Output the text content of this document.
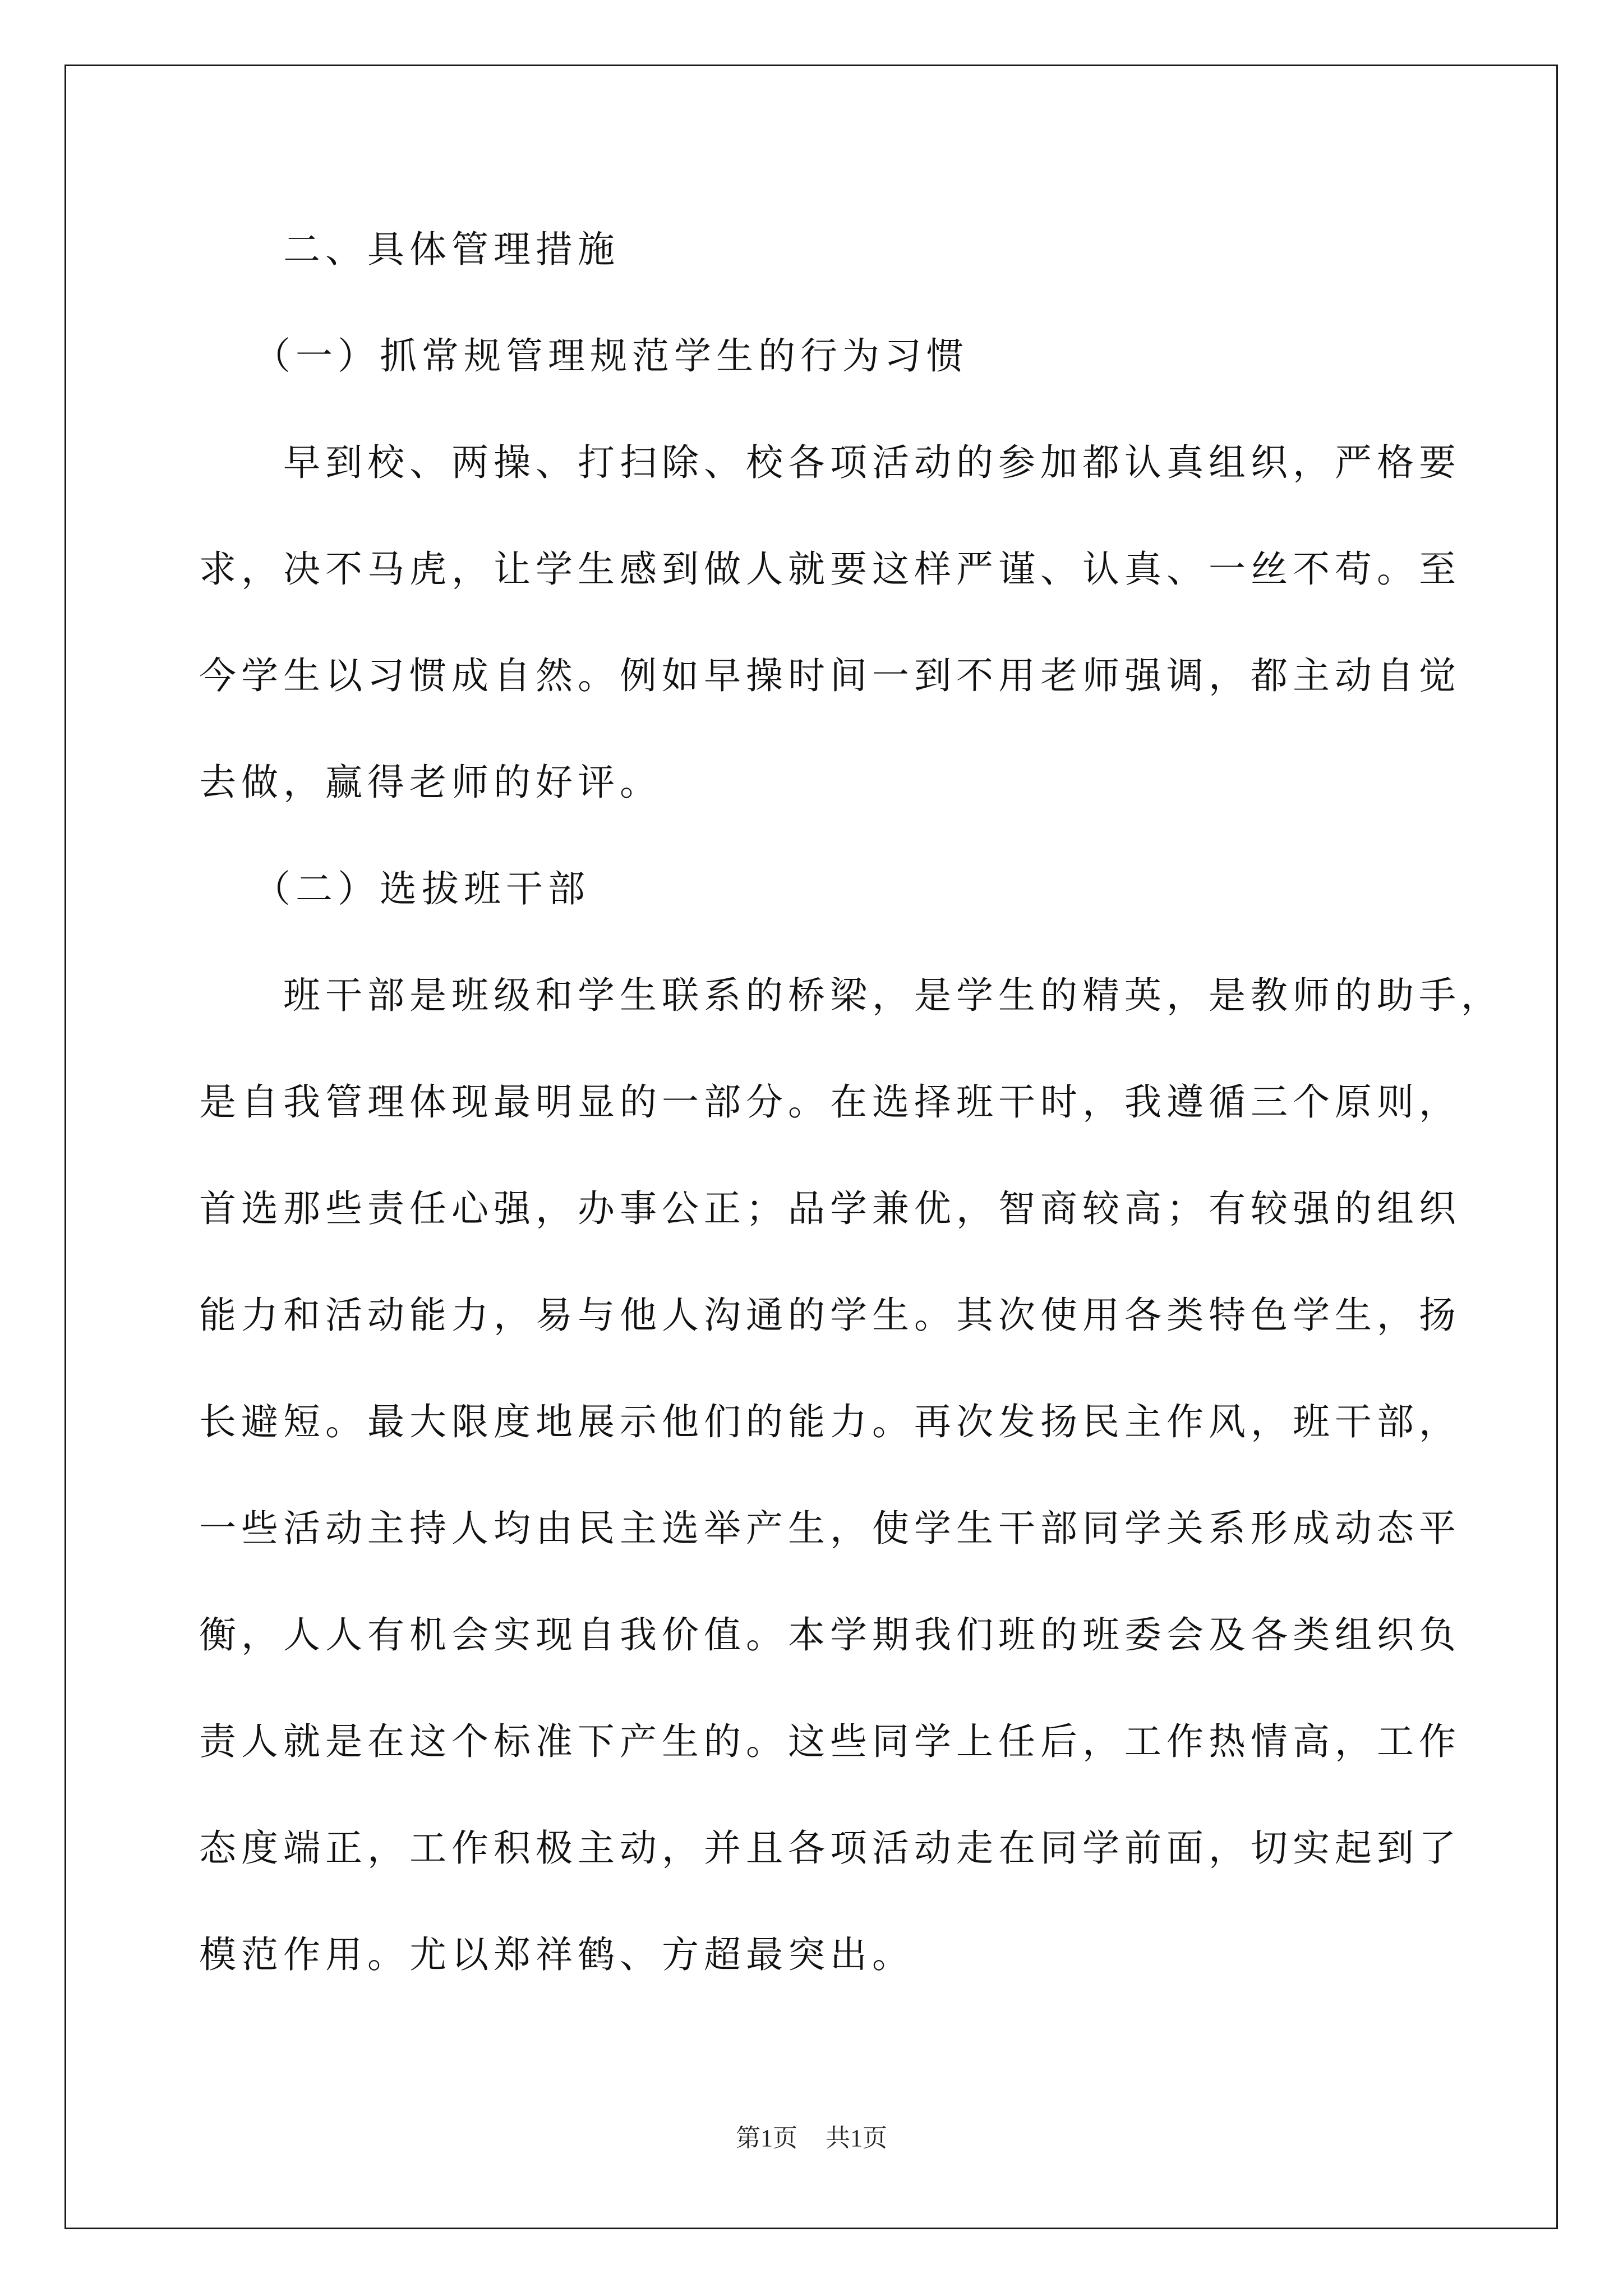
二、具体管理措施
（一）抓常规管理规范学生的行为习惯
早到校、两操、打扫除、校各项活动的参加都认真组织，严格要
求，决不马虎，让学生感到做人就要这样严谨、认真、一丝不苟。至
今学生以习惯成自然。例如早操时间一到不用老师强调，都主动自觉
去做，赢得老师的好评。
（二）选拔班干部
班干部是班级和学生联系的桥梁，是学生的精英，是教师的助手，
是自我管理体现最明显的一部分。在选择班干时，我遵循三个原则，
首选那些责任心强，办事公正；品学兼优，智商较高；有较强的组织
能力和活动能力，易与他人沟通的学生。其次使用各类特色学生，扬
长避短。最大限度地展示他们的能力。再次发扬民主作风，班干部，
一些活动主持人均由民主选举产生，使学生干部同学关系形成动态平
衡，人人有机会实现自我价值。本学期我们班的班委会及各类组织负
责人就是在这个标准下产生的。这些同学上任后，工作热情高，工作
态度端正，工作积极主动，并且各项活动走在同学前面，切实起到了
模范作用。尤以郑祥鹤、方超最突出。
第1页 共1页
